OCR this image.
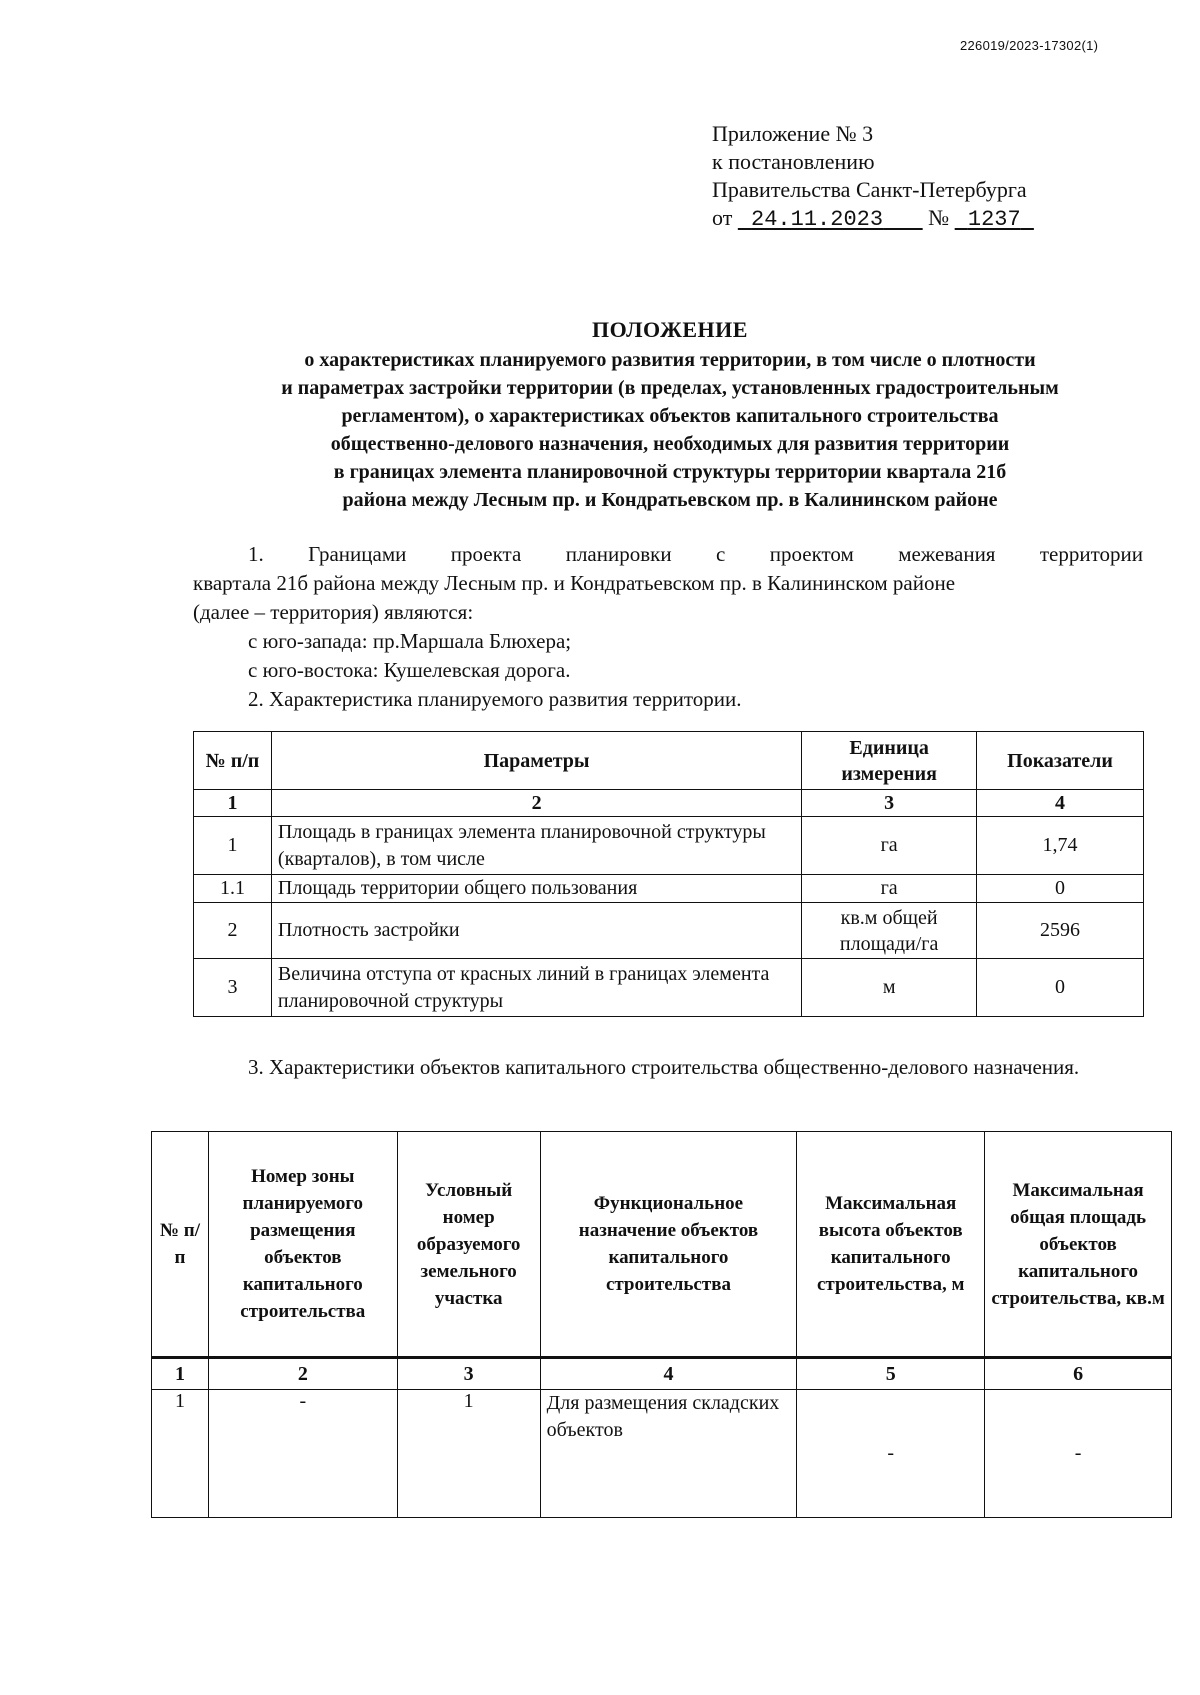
226019/2023-17302(1)
Приложение № 3
к постановлению
Правительства Санкт-Петербурга
от 24.11.2023 № 1237
ПОЛОЖЕНИЕ
о характеристиках планируемого развития территории, в том числе о плотности
и параметрах застройки территории (в пределах, установленных градостроительным
регламентом), о характеристиках объектов капитального строительства
общественно-делового назначения, необходимых для развития территории
в границах элемента планировочной структуры территории квартала 21б
района между Лесным пр. и Кондратьевском пр. в Калининском районе

1. Границами проекта планировки с проектом межевания территории

квартала 21б района между Лесным пр. и Кондратьевском пр. в Калининском районе

(далее – территория) являются:

с юго-запада: пр.Маршала Блюхера;

с юго-востока: Кушелевская дорога.

2. Характеристика планируемого развития территории.

№ п/п	Параметры	Единица измерения	Показатели
1	2	3	4
1	Площадь в границах элемента планировочной структуры (кварталов), в том числе	га	1,74
1.1	Площадь территории общего пользования	га	0
2	Плотность застройки	кв.м общей площади/га	2596
3	Величина отступа от красных линий в границах элемента планировочной структуры	м	0

3. Характеристики объектов капитального строительства общественно-делового назначения.

№ п/п	Номер зоны планируемого размещения объектов капитального строительства	Условный номер образуемого земельного участка	Функциональное назначение объектов капитального строительства	Максимальная высота объектов капитального строительства, м	Максимальная общая площадь объектов капитального строительства, кв.м
1	2	3	4	5	6
1	-	1	Для размещения складских объектов	-	-
